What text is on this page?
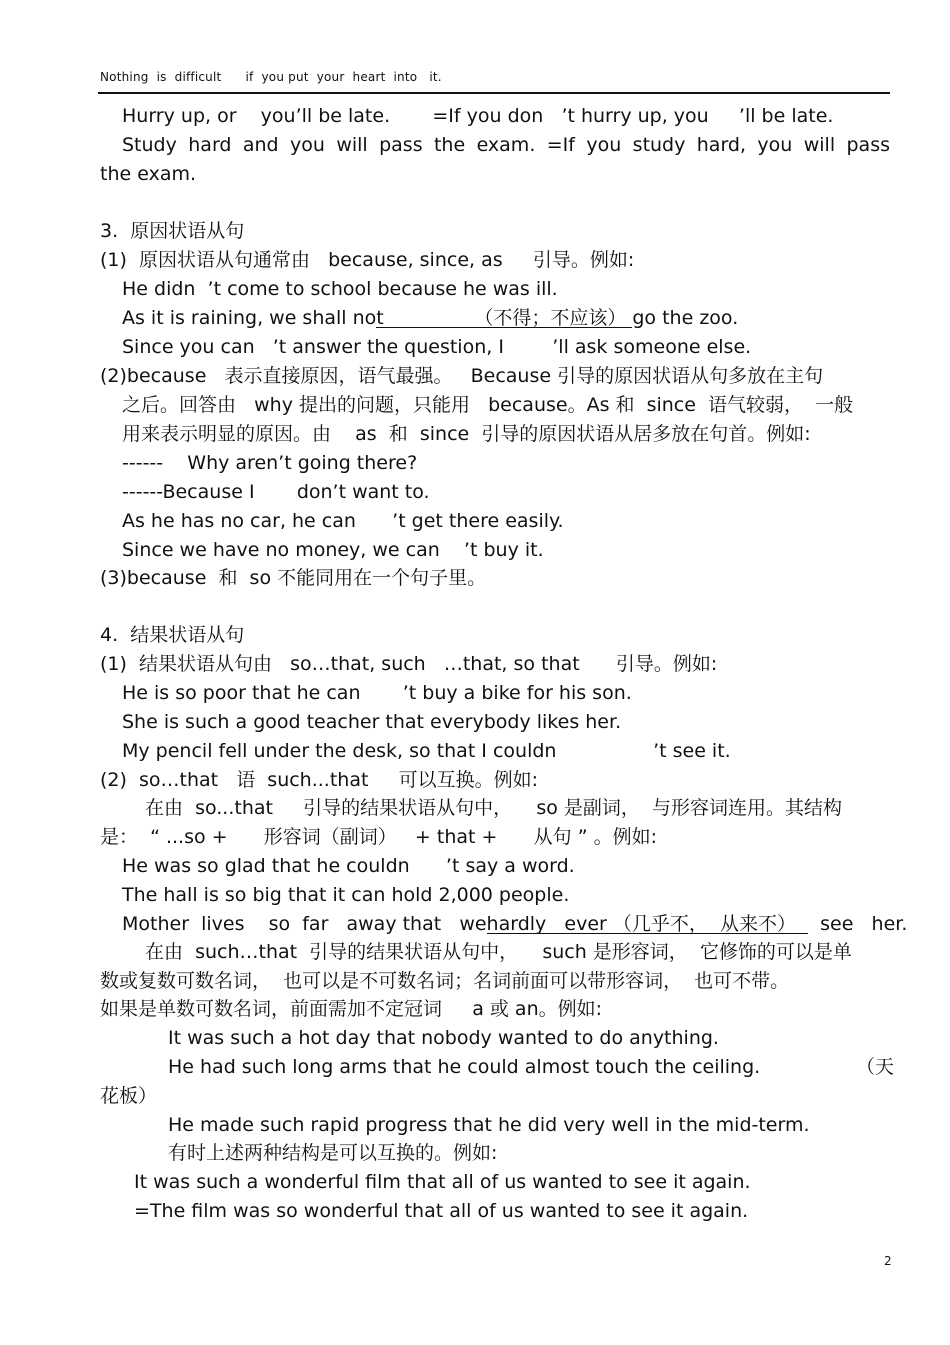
Nothing  is  difficult      if  you put  your  heart  into   it.
Hurry up, or    you’ll be late.       =If you don   ’t hurry up, you     ’ll be late.
Study hard and you will pass the exam. =If you study hard, you will pass
the exam.
3.  原因状语从句
(1)  原因状语从句通常由   because, since, as     引导。例如:
He didn  ’t come to school because he was ill.
As it is raining, we shall not               （不得；不应该） go the zoo.
Since you can   ’t answer the question, I        ’ll ask someone else.
(2)because   表示直接原因，语气最强。   Because 引导的原因状语从句多放在主句
之后。回答由   why 提出的问题，只能用   because。As 和  since  语气较弱，  一般
用来表示明显的原因。由    as  和  since  引导的原因状语从居多放在句首。例如:
------    Why aren’t going there?
------Because I       don’t want to.
As he has no car, he can      ’t get there easily.
Since we have no money, we can    ’t buy it.
(3)because  和  so 不能同用在一个句子里。
4.  结果状语从句
(1)  结果状语从句由   so…that, such   …that, so that      引导。例如:
He is so poor that he can       ’t buy a bike for his son.
She is such a good teacher that everybody likes her.
My pencil fell under the desk, so that I couldn                ’t see it.
(2)  so…that   语  such...that     可以互换。例如:
在由  so...that     引导的结果状语从句中，    so 是副词，  与形容词连用。其结构
是：  “ ...so +      形容词（副词）   + that +      从句 ” 。例如:
He was so glad that he couldn      ’t say a word.
The hall is so big that it can hold 2,000 people.
Mother  lives    so  far   away that   wehardly   ever （几乎不，  从来不）    see   her.
在由  such…that  引导的结果状语从句中，    such 是形容词，  它修饰的可以是单
数或复数可数名词，  也可以是不可数名词；名词前面可以带形容词，  也可不带。
如果是单数可数名词，前面需加不定冠词     a 或 an。例如:
It was such a hot day that nobody wanted to do anything.
He had such long arms that he could almost touch the ceiling.	（天
花板）
He made such rapid progress that he did very well in the mid-term.
有时上述两种结构是可以互换的。例如:
It was such a wonderful film that all of us wanted to see it again.
=The film was so wonderful that all of us wanted to see it again.
2
